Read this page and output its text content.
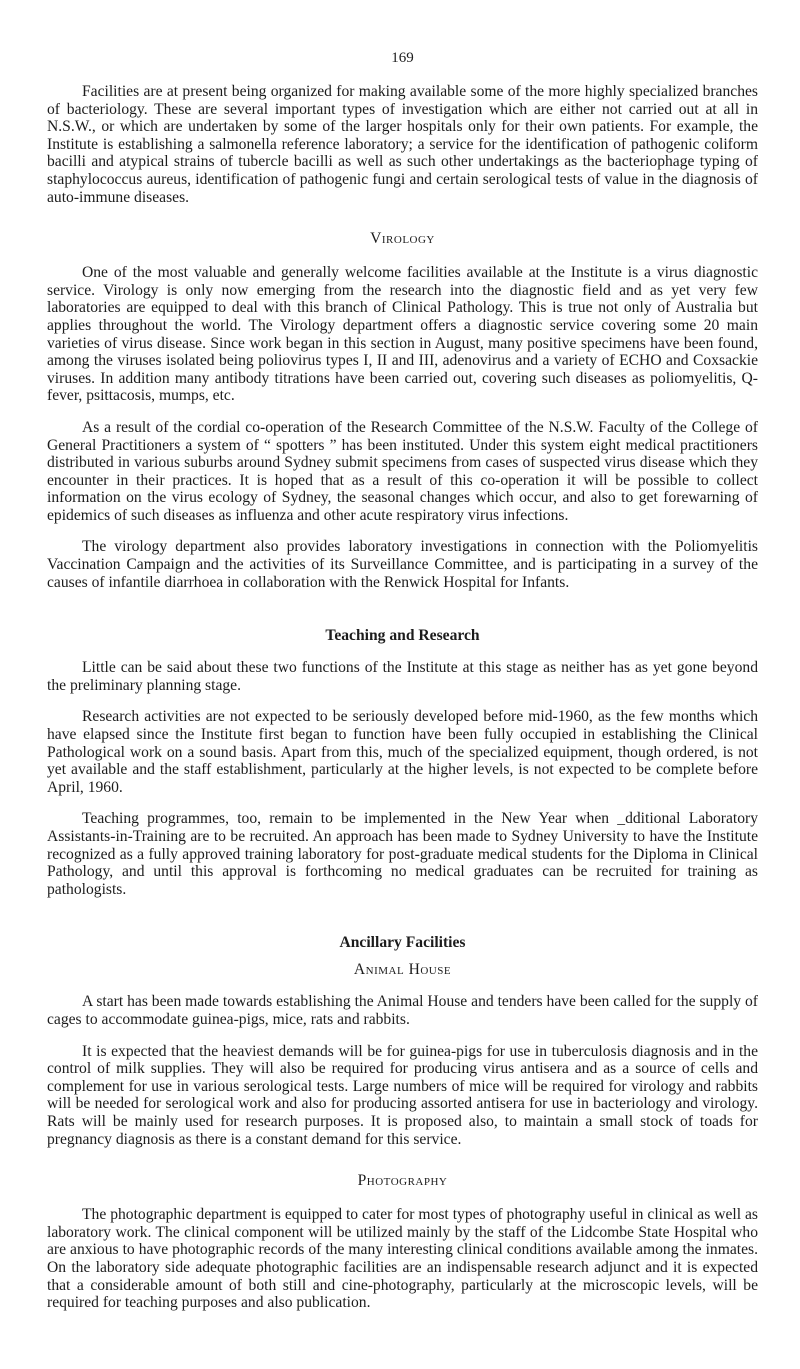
169

Facilities are at present being organized for making available some of the more highly specialized branches of bacteriology. These are several important types of investigation which are either not carried out at all in N.S.W., or which are undertaken by some of the larger hospitals only for their own patients. For example, the Institute is establishing a salmonella reference laboratory; a service for the identification of pathogenic coliform bacilli and atypical strains of tubercle bacilli as well as such other undertakings as the bacteriophage typing of staphylococcus aureus, identification of pathogenic fungi and certain serological tests of value in the diagnosis of auto-immune diseases.

Virology

One of the most valuable and generally welcome facilities available at the Institute is a virus diagnostic service. Virology is only now emerging from the research into the diagnostic field and as yet very few laboratories are equipped to deal with this branch of Clinical Pathology. This is true not only of Australia but applies throughout the world. The Virology department offers a diagnostic service covering some 20 main varieties of virus disease. Since work began in this section in August, many positive specimens have been found, among the viruses isolated being poliovirus types I, II and III, adenovirus and a variety of ECHO and Coxsackie viruses. In addition many antibody titrations have been carried out, covering such diseases as poliomyelitis, Q-fever, psittacosis, mumps, etc.

As a result of the cordial co-operation of the Research Committee of the N.S.W. Faculty of the College of General Practitioners a system of “ spotters ” has been instituted. Under this system eight medical practitioners distributed in various suburbs around Sydney submit specimens from cases of suspected virus disease which they encounter in their practices. It is hoped that as a result of this co-operation it will be possible to collect information on the virus ecology of Sydney, the seasonal changes which occur, and also to get forewarning of epidemics of such diseases as influenza and other acute respiratory virus infections.

The virology department also provides laboratory investigations in connection with the Poliomyelitis Vaccination Campaign and the activities of its Surveillance Committee, and is participating in a survey of the causes of infantile diarrhoea in collaboration with the Renwick Hospital for Infants.

Teaching and Research

Little can be said about these two functions of the Institute at this stage as neither has as yet gone beyond the preliminary planning stage.

Research activities are not expected to be seriously developed before mid-1960, as the few months which have elapsed since the Institute first began to function have been fully occupied in establishing the Clinical Pathological work on a sound basis. Apart from this, much of the specialized equipment, though ordered, is not yet available and the staff establishment, particularly at the higher levels, is not expected to be complete before April, 1960.

Teaching programmes, too, remain to be implemented in the New Year when _dditional Laboratory Assistants-in-Training are to be recruited. An approach has been made to Sydney University to have the Institute recognized as a fully approved training laboratory for post-graduate medical students for the Diploma in Clinical Pathology, and until this approval is forthcoming no medical graduates can be recruited for training as pathologists.

Ancillary Facilities
Animal House

A start has been made towards establishing the Animal House and tenders have been called for the supply of cages to accommodate guinea-pigs, mice, rats and rabbits.

It is expected that the heaviest demands will be for guinea-pigs for use in tuberculosis diagnosis and in the control of milk supplies. They will also be required for producing virus antisera and as a source of cells and complement for use in various serological tests. Large numbers of mice will be required for virology and rabbits will be needed for serological work and also for producing assorted antisera for use in bacteriology and virology. Rats will be mainly used for research purposes. It is proposed also, to maintain a small stock of toads for pregnancy diagnosis as there is a constant demand for this service.

Photography

The photographic department is equipped to cater for most types of photography useful in clinical as well as laboratory work. The clinical component will be utilized mainly by the staff of the Lidcombe State Hospital who are anxious to have photographic records of the many interesting clinical conditions available among the inmates. On the laboratory side adequate photographic facilities are an indispensable research adjunct and it is expected that a considerable amount of both still and cine-photography, particularly at the microscopic levels, will be required for teaching purposes and also publication.
